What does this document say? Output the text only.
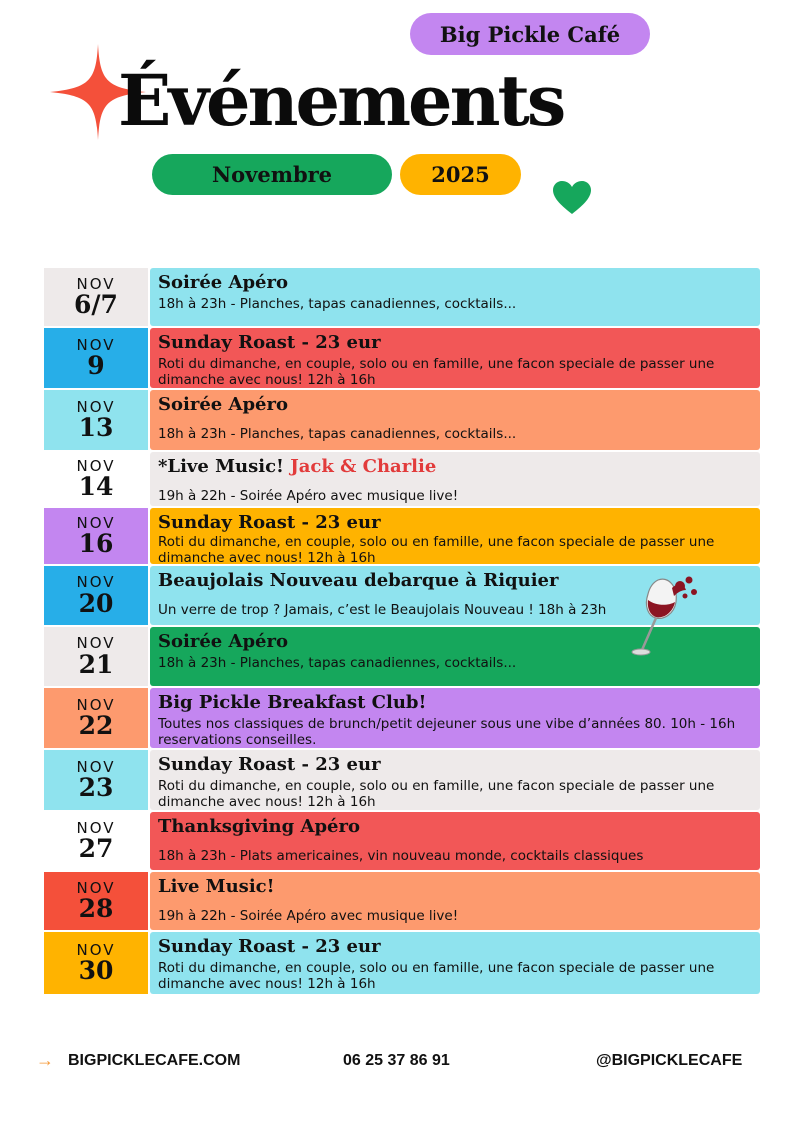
Big Pickle Café
Événements
Novembre	2025
NOV
6/7
Soirée Apéro
18h à 23h - Planches, tapas canadiennes, cocktails...
NOV
9
Sunday Roast - 23 eur
Roti du dimanche, en couple, solo ou en famille, une facon speciale de passer une dimanche avec nous! 12h à 16h
NOV
13
Soirée Apéro
18h à 23h - Planches, tapas canadiennes, cocktails...
NOV
14
*Live Music! Jack & Charlie
19h à 22h - Soirée Apéro avec musique live!
NOV
16
Sunday Roast - 23 eur
Roti du dimanche, en couple, solo ou en famille, une facon speciale de passer une dimanche avec nous! 12h à 16h
NOV
20
Beaujolais Nouveau debarque à Riquier
Un verre de trop ? Jamais, c’est le Beaujolais Nouveau ! 18h à 23h
NOV
21
Soirée Apéro
18h à 23h - Planches, tapas canadiennes, cocktails...
NOV
22
Big Pickle Breakfast Club!
Toutes nos classiques de brunch/petit dejeuner sous une vibe d’années 80. 10h - 16h reservations conseilles.
NOV
23
Sunday Roast - 23 eur
Roti du dimanche, en couple, solo ou en famille, une facon speciale de passer une dimanche avec nous! 12h à 16h
NOV
27
Thanksgiving Apéro
18h à 23h - Plats americaines, vin nouveau monde, cocktails classiques
NOV
28
Live Music!
19h à 22h - Soirée Apéro avec musique live!
NOV
30
Sunday Roast - 23 eur
Roti du dimanche, en couple, solo ou en famille, une facon speciale de passer une dimanche avec nous! 12h à 16h
→ BIGPICKLECAFE.COM	06 25 37 86 91	@BIGPICKLECAFE
